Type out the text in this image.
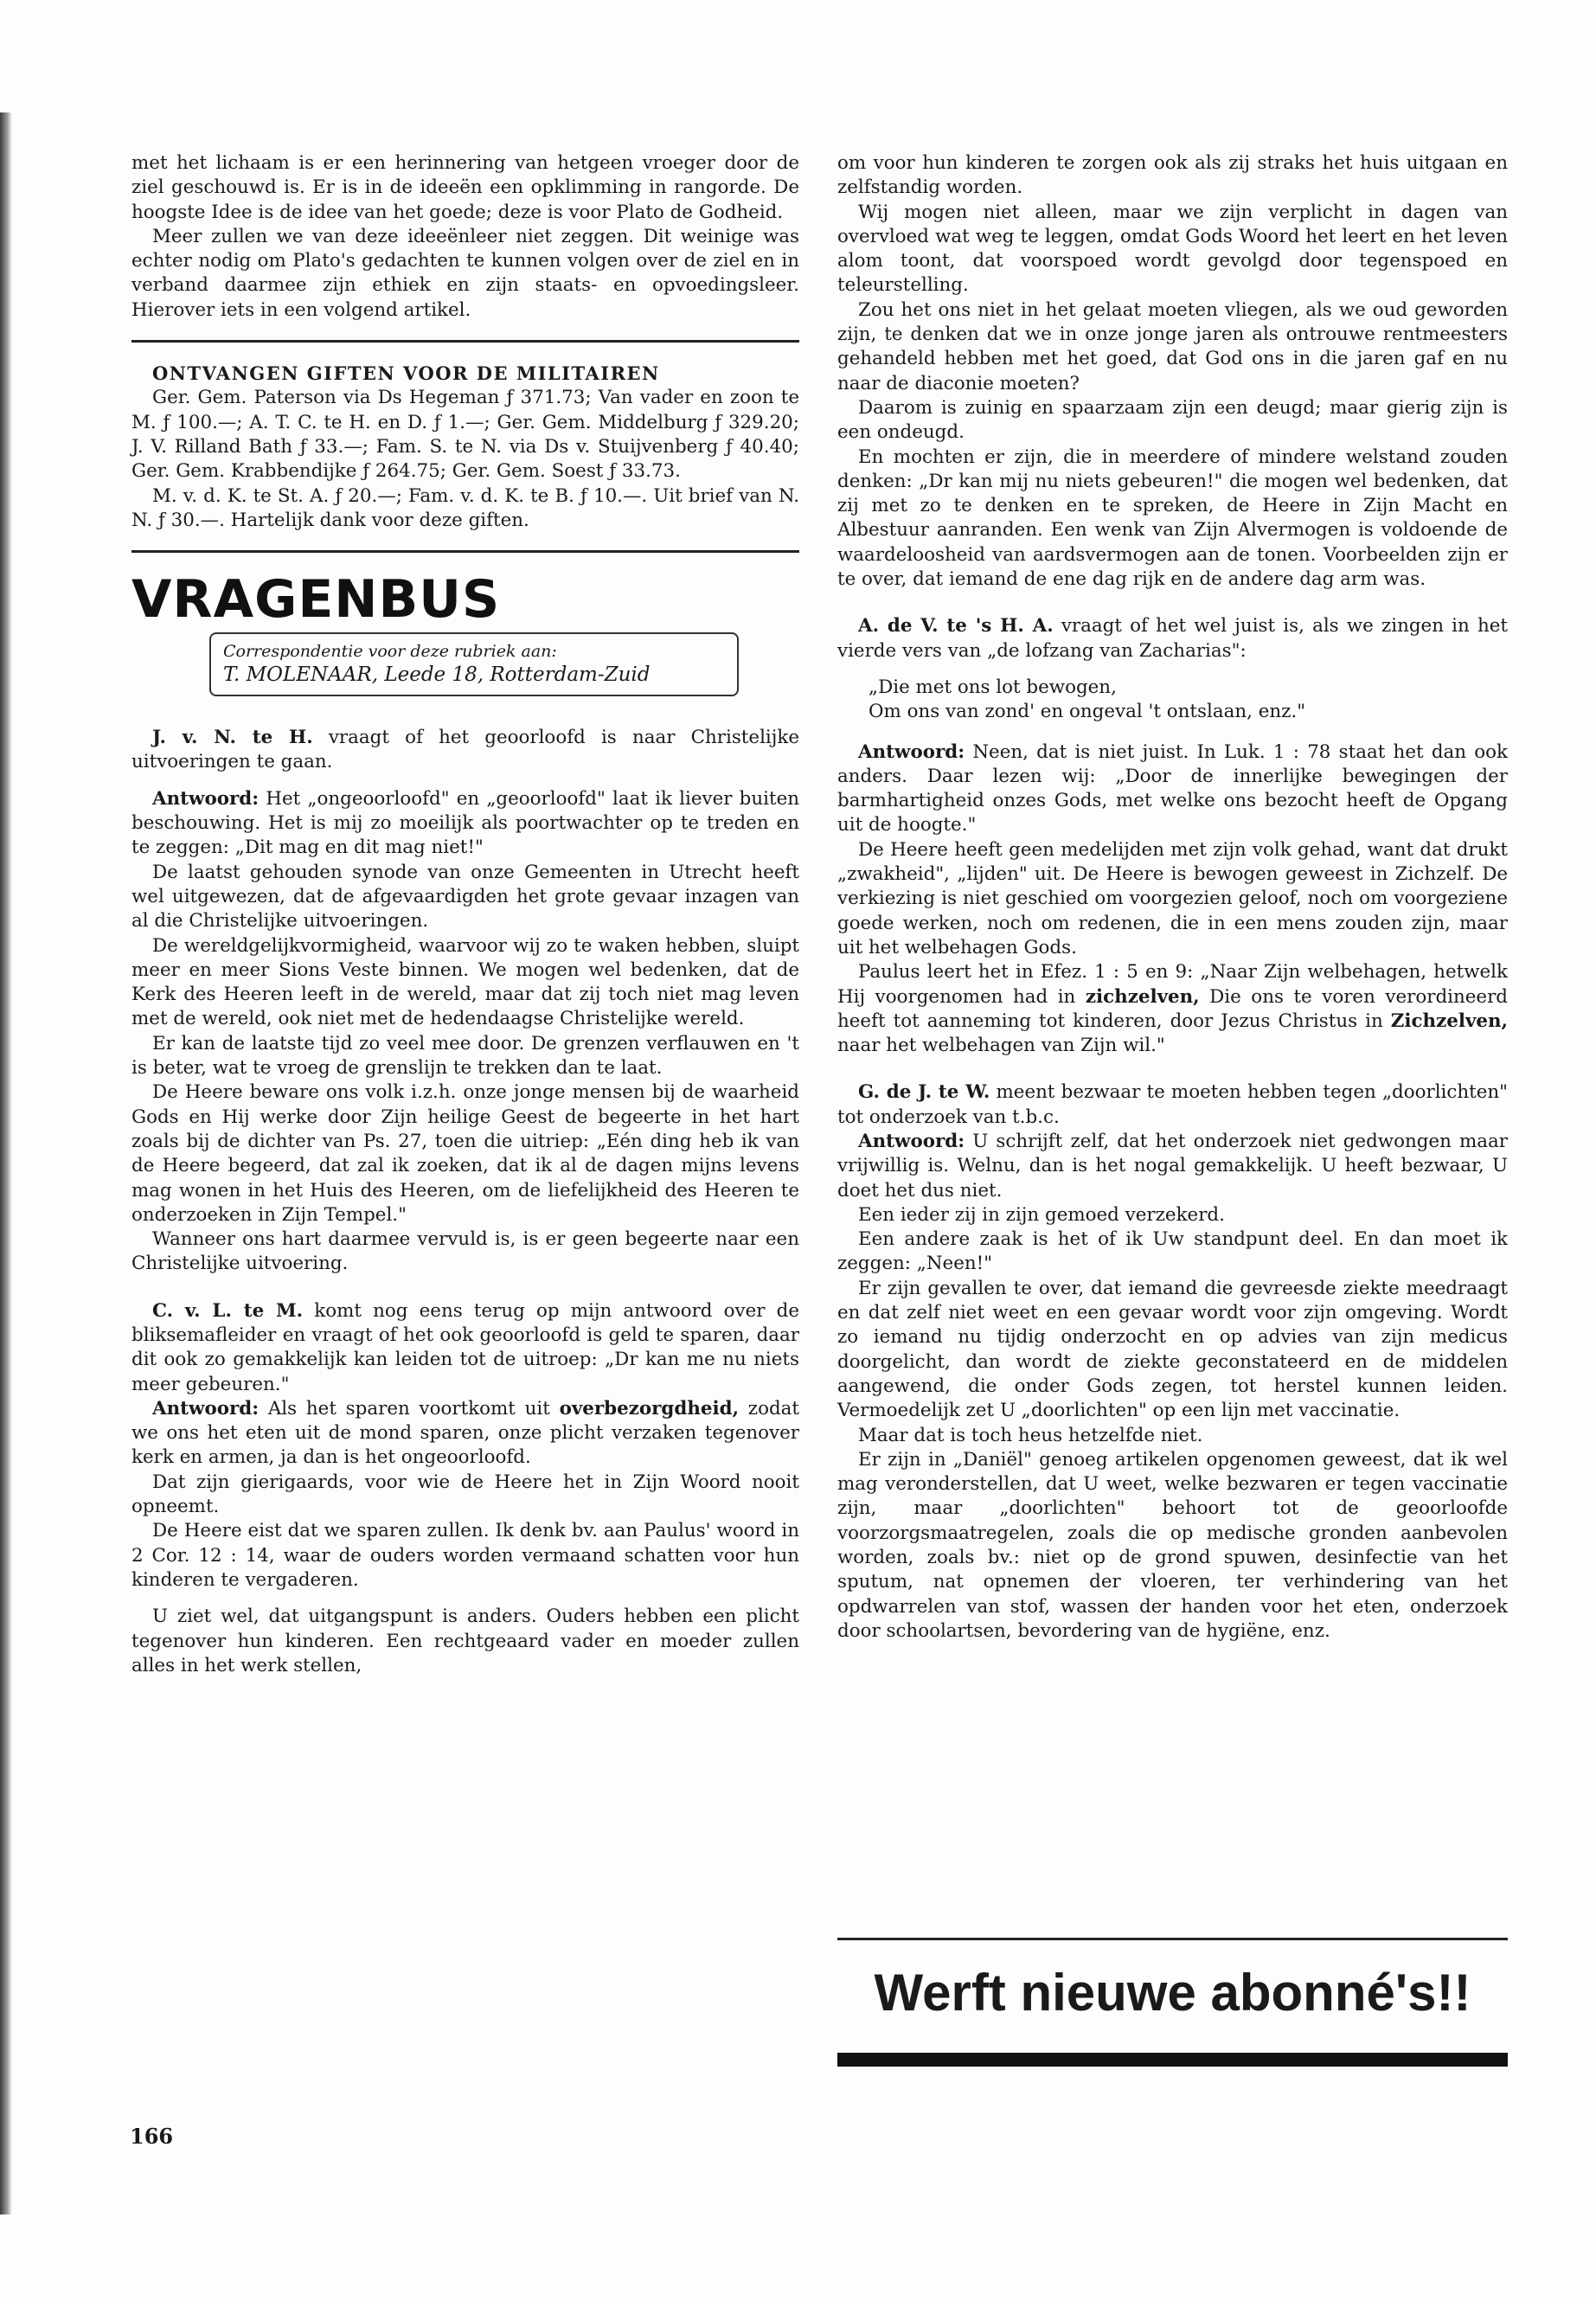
met het lichaam is er een herinnering van hetgeen vroeger door de ziel geschouwd is. Er is in de ideeën een opklimming in rangorde. De hoogste Idee is de idee van het goede; deze is voor Plato de Godheid.

Meer zullen we van deze ideeënleer niet zeggen. Dit weinige was echter nodig om Plato's gedachten te kunnen volgen over de ziel en in verband daarmee zijn ethiek en zijn staats- en opvoedingsleer. Hierover iets in een volgend artikel.

ONTVANGEN GIFTEN VOOR DE MILITAIREN

Ger. Gem. Paterson via Ds Hegeman ƒ 371.73; Van vader en zoon te M. ƒ 100.—; A. T. C. te H. en D. ƒ 1.—; Ger. Gem. Middelburg ƒ 329.20; J. V. Rilland Bath ƒ 33.—; Fam. S. te N. via Ds v. Stuijvenberg ƒ 40.40; Ger. Gem. Krabbendijke ƒ 264.75; Ger. Gem. Soest ƒ 33.73.

M. v. d. K. te St. A. ƒ 20.—; Fam. v. d. K. te B. ƒ 10.—. Uit brief van N. N. ƒ 30.—. Hartelijk dank voor deze giften.

VRAGENBUS
Correspondentie voor deze rubriek aan:
T. MOLENAAR, Leede 18, Rotterdam-Zuid

J. v. N. te H. vraagt of het geoorloofd is naar Christelijke uitvoeringen te gaan.

Antwoord: Het „ongeoorloofd" en „geoorloofd" laat ik liever buiten beschouwing. Het is mij zo moeilijk als poortwachter op te treden en te zeggen: „Dit mag en dit mag niet!"

De laatst gehouden synode van onze Gemeenten in Utrecht heeft wel uitgewezen, dat de afgevaardigden het grote gevaar inzagen van al die Christelijke uitvoeringen.

De wereldgelijkvormigheid, waarvoor wij zo te waken hebben, sluipt meer en meer Sions Veste binnen. We mogen wel bedenken, dat de Kerk des Heeren leeft in de wereld, maar dat zij toch niet mag leven met de wereld, ook niet met de hedendaagse Christelijke wereld.

Er kan de laatste tijd zo veel mee door. De grenzen verflauwen en 't is beter, wat te vroeg de grenslijn te trekken dan te laat.

De Heere beware ons volk i.z.h. onze jonge mensen bij de waarheid Gods en Hij werke door Zijn heilige Geest de begeerte in het hart zoals bij de dichter van Ps. 27, toen die uitriep: „Eén ding heb ik van de Heere begeerd, dat zal ik zoeken, dat ik al de dagen mijns levens mag wonen in het Huis des Heeren, om de liefelijkheid des Heeren te onderzoeken in Zijn Tempel."

Wanneer ons hart daarmee vervuld is, is er geen begeerte naar een Christelijke uitvoering.

C. v. L. te M. komt nog eens terug op mijn antwoord over de bliksemafleider en vraagt of het ook geoorloofd is geld te sparen, daar dit ook zo gemakkelijk kan leiden tot de uitroep: „Dr kan me nu niets meer gebeuren."

Antwoord: Als het sparen voortkomt uit overbezorgdheid, zodat we ons het eten uit de mond sparen, onze plicht verzaken tegenover kerk en armen, ja dan is het ongeoorloofd.

Dat zijn gierigaards, voor wie de Heere het in Zijn Woord nooit opneemt.

De Heere eist dat we sparen zullen. Ik denk bv. aan Paulus' woord in 2 Cor. 12 : 14, waar de ouders worden vermaand schatten voor hun kinderen te vergaderen.

U ziet wel, dat uitgangspunt is anders. Ouders hebben een plicht tegenover hun kinderen. Een rechtgeaard vader en moeder zullen alles in het werk stellen,

om voor hun kinderen te zorgen ook als zij straks het huis uitgaan en zelfstandig worden.

Wij mogen niet alleen, maar we zijn verplicht in dagen van overvloed wat weg te leggen, omdat Gods Woord het leert en het leven alom toont, dat voorspoed wordt gevolgd door tegenspoed en teleurstelling.

Zou het ons niet in het gelaat moeten vliegen, als we oud geworden zijn, te denken dat we in onze jonge jaren als ontrouwe rentmeesters gehandeld hebben met het goed, dat God ons in die jaren gaf en nu naar de diaconie moeten?

Daarom is zuinig en spaarzaam zijn een deugd; maar gierig zijn is een ondeugd.

En mochten er zijn, die in meerdere of mindere welstand zouden denken: „Dr kan mij nu niets gebeuren!" die mogen wel bedenken, dat zij met zo te denken en te spreken, de Heere in Zijn Macht en Albestuur aanranden. Een wenk van Zijn Alvermogen is voldoende de waardeloosheid van aardsvermogen aan de tonen. Voorbeelden zijn er te over, dat iemand de ene dag rijk en de andere dag arm was.

A. de V. te 's H. A. vraagt of het wel juist is, als we zingen in het vierde vers van „de lofzang van Zacharias":

„Die met ons lot bewogen,
Om ons van zond' en ongeval 't ontslaan, enz."

Antwoord: Neen, dat is niet juist. In Luk. 1 : 78 staat het dan ook anders. Daar lezen wij: „Door de innerlijke bewegingen der barmhartigheid onzes Gods, met welke ons bezocht heeft de Opgang uit de hoogte."

De Heere heeft geen medelijden met zijn volk gehad, want dat drukt „zwakheid", „lijden" uit. De Heere is bewogen geweest in Zichzelf. De verkiezing is niet geschied om voorgezien geloof, noch om voorgeziene goede werken, noch om redenen, die in een mens zouden zijn, maar uit het welbehagen Gods.

Paulus leert het in Efez. 1 : 5 en 9: „Naar Zijn welbehagen, hetwelk Hij voorgenomen had in zichzelven, Die ons te voren verordineerd heeft tot aanneming tot kinderen, door Jezus Christus in Zichzelven, naar het welbehagen van Zijn wil."

G. de J. te W. meent bezwaar te moeten hebben tegen „doorlichten" tot onderzoek van t.b.c.

Antwoord: U schrijft zelf, dat het onderzoek niet gedwongen maar vrijwillig is. Welnu, dan is het nogal gemakkelijk. U heeft bezwaar, U doet het dus niet.

Een ieder zij in zijn gemoed verzekerd.

Een andere zaak is het of ik Uw standpunt deel. En dan moet ik zeggen: „Neen!"

Er zijn gevallen te over, dat iemand die gevreesde ziekte meedraagt en dat zelf niet weet en een gevaar wordt voor zijn omgeving. Wordt zo iemand nu tijdig onderzocht en op advies van zijn medicus doorgelicht, dan wordt de ziekte geconstateerd en de middelen aangewend, die onder Gods zegen, tot herstel kunnen leiden. Vermoedelijk zet U „doorlichten" op een lijn met vaccinatie.

Maar dat is toch heus hetzelfde niet.

Er zijn in „Daniël" genoeg artikelen opgenomen geweest, dat ik wel mag veronderstellen, dat U weet, welke bezwaren er tegen vaccinatie zijn, maar „doorlichten" behoort tot de geoorloofde voorzorgsmaatregelen, zoals die op medische gronden aanbevolen worden, zoals bv.: niet op de grond spuwen, desinfectie van het sputum, nat opnemen der vloeren, ter verhindering van het opdwarrelen van stof, wassen der handen voor het eten, onderzoek door schoolartsen, bevordering van de hygiëne, enz.

Werft nieuwe abonné's!!
166
